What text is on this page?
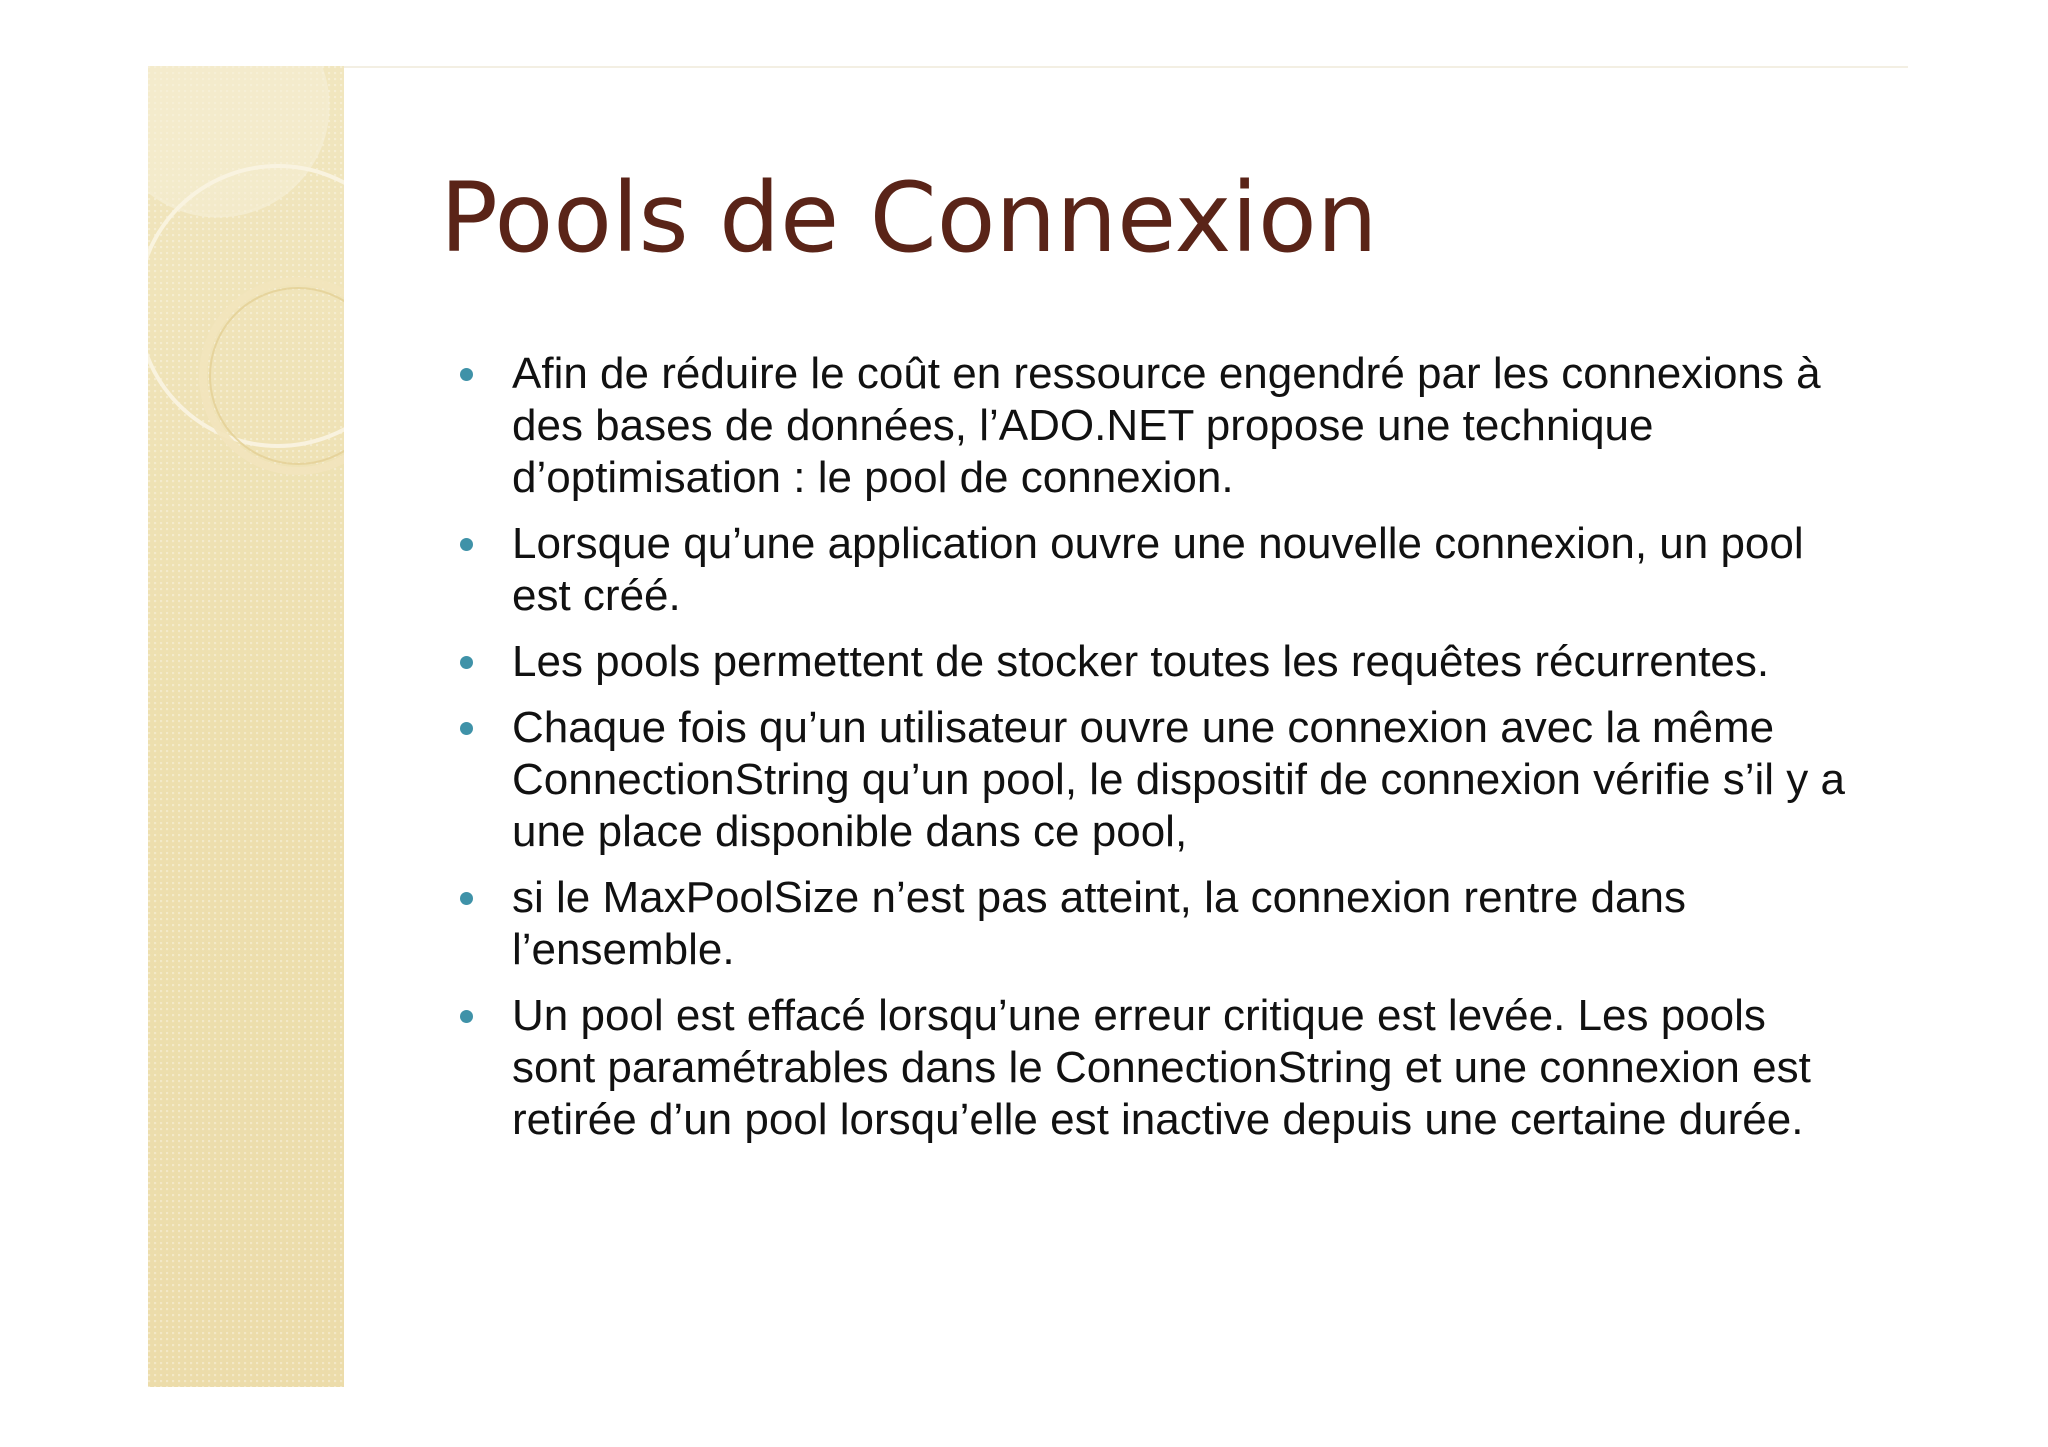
Pools de Connexion
Afin de réduire le coût en ressource engendré par les connexions à des bases de données, l’ADO.NET propose une technique d’optimisation : le pool de connexion.
Lorsque qu’une application ouvre une nouvelle connexion, un pool est créé.
Les pools permettent de stocker toutes les requêtes récurrentes.
Chaque fois qu’un utilisateur ouvre une connexion avec la même ConnectionString qu’un pool, le dispositif de connexion vérifie s’il y a une place disponible dans ce pool,
si le MaxPoolSize n’est pas atteint, la connexion rentre dans l’ensemble.
Un pool est effacé lorsqu’une erreur critique est levée. Les pools sont paramétrables dans le ConnectionString et une connexion est retirée d’un pool lorsqu’elle est inactive depuis une certaine durée.
